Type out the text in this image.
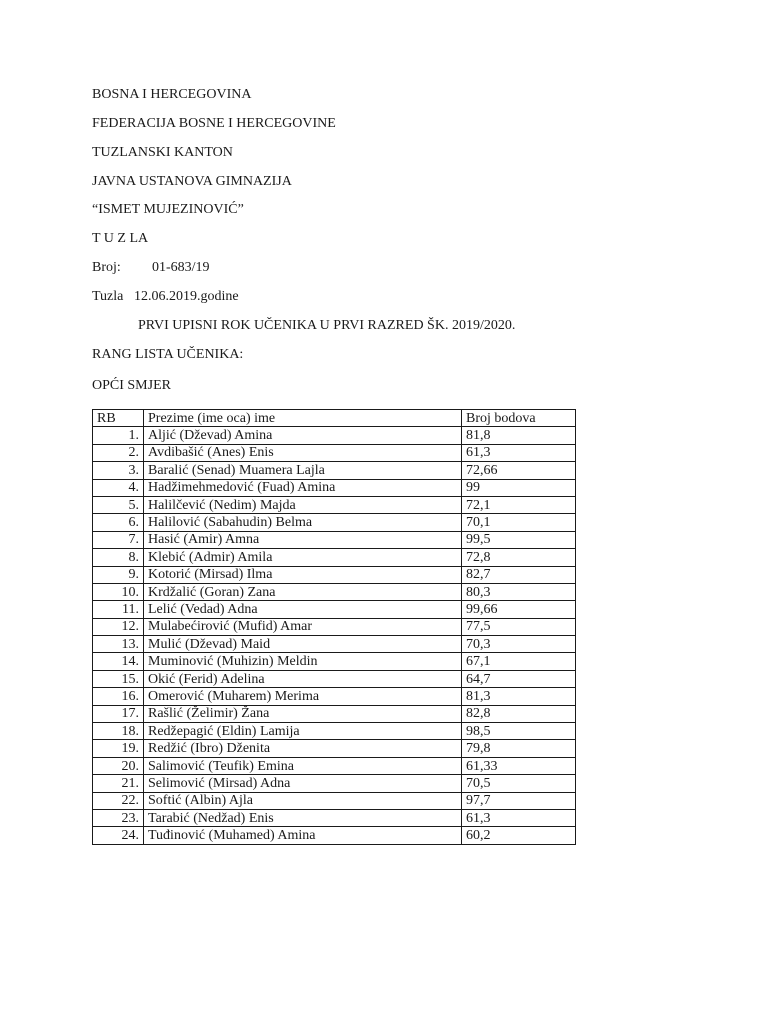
BOSNA I HERCEGOVINA
FEDERACIJA BOSNE I HERCEGOVINE
TUZLANSKI KANTON
JAVNA USTANOVA GIMNAZIJA
“ISMET MUJEZINOVIĆ”
T U Z LA
Broj: 01-683/19
Tuzla 12.06.2019.godine
PRVI UPISNI ROK UČENIKA U PRVI RAZRED ŠK. 2019/2020.
RANG LISTA UČENIKA:
OPĆI SMJER
RB	Prezime (ime oca) ime	Broj bodova
1.	Aljić (Dževad) Amina	81,8
2.	Avdibašić (Anes) Enis	61,3
3.	Baralić (Senad) Muamera Lajla	72,66
4.	Hadžimehmedović (Fuad) Amina	99
5.	Halilčević (Nedim) Majda	72,1
6.	Halilović (Sabahudin) Belma	70,1
7.	Hasić (Amir) Amna	99,5
8.	Klebić (Admir) Amila	72,8
9.	Kotorić (Mirsad) Ilma	82,7
10.	Krdžalić (Goran) Zana	80,3
11.	Lelić (Vedad) Adna	99,66
12.	Mulabećirović (Mufid) Amar	77,5
13.	Mulić (Dževad) Maid	70,3
14.	Muminović (Muhizin) Meldin	67,1
15.	Okić (Ferid) Adelina	64,7
16.	Omerović (Muharem) Merima	81,3
17.	Rašlić (Želimir) Žana	82,8
18.	Redžepagić (Eldin) Lamija	98,5
19.	Redžić (Ibro) Dženita	79,8
20.	Salimović (Teufik) Emina	61,33
21.	Selimović (Mirsad) Adna	70,5
22.	Softić (Albin) Ajla	97,7
23.	Tarabić (Nedžad) Enis	61,3
24.	Tuđinović (Muhamed) Amina	60,2
